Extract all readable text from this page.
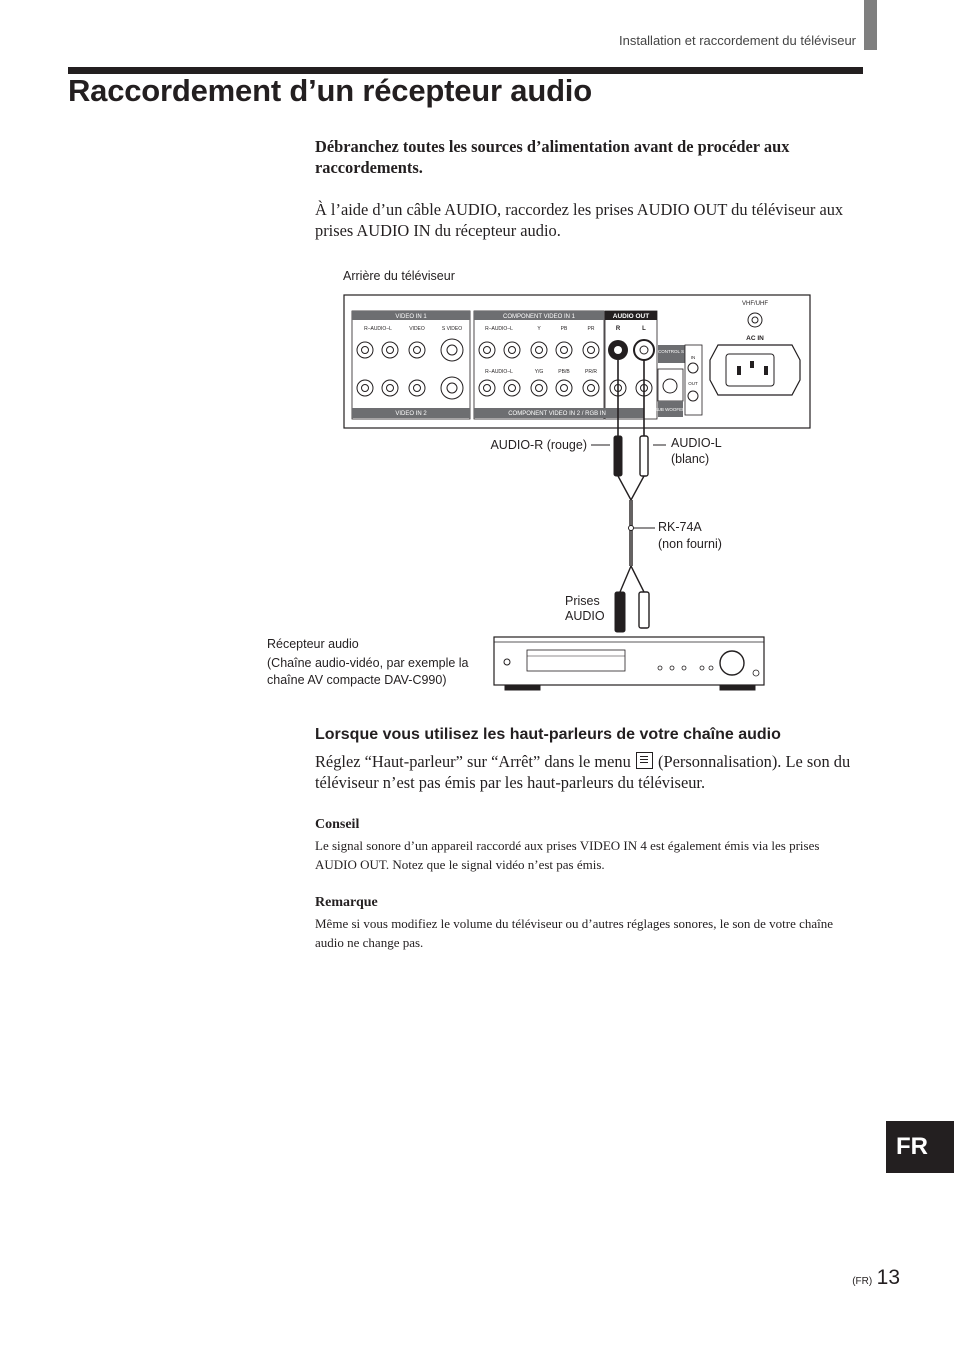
Installation et raccordement du téléviseur
Raccordement d’un récepteur audio

Débranchez toutes les sources d’alimentation avant de procéder aux raccordements.

À l’aide d’un câble AUDIO, raccordez les prises AUDIO OUT du téléviseur aux prises AUDIO IN du récepteur audio.

Arrière du téléviseur
VIDEO IN 1	COMPONENT VIDEO IN 1	AUDIO OUT
R	L
R–AUDIO–L	VIDEO	S VIDEO	R–AUDIO–L	Y	PB	PR
R–AUDIO–L	Y/G	PB/B	PR/R
VIDEO IN 2	COMPONENT VIDEO IN 2 / RGB IN
CONTROL S
SUB WOOFER
IN
OUT
VHF/UHF
AC IN
AUDIO-R (rouge)	AUDIO-L
(blanc)
RK-74A
(non fourni)
Prises
AUDIO
Récepteur audio
(Chaîne audio-vidéo, par exemple la
chaîne AV compacte DAV-C990)
Lorsque vous utilisez les haut-parleurs de votre chaîne audio

Réglez “Haut-parleur” sur “Arrêt” dans le menu (Personnalisation). Le son du téléviseur n’est pas émis par les haut-parleurs du téléviseur.

Conseil

Le signal sonore d’un appareil raccordé aux prises VIDEO IN 4 est également émis via les prises AUDIO OUT. Notez que le signal vidéo n’est pas émis.

Remarque

Même si vous modifiez le volume du téléviseur ou d’autres réglages sonores, le son de votre chaîne audio ne change pas.

FR
(FR) 13
